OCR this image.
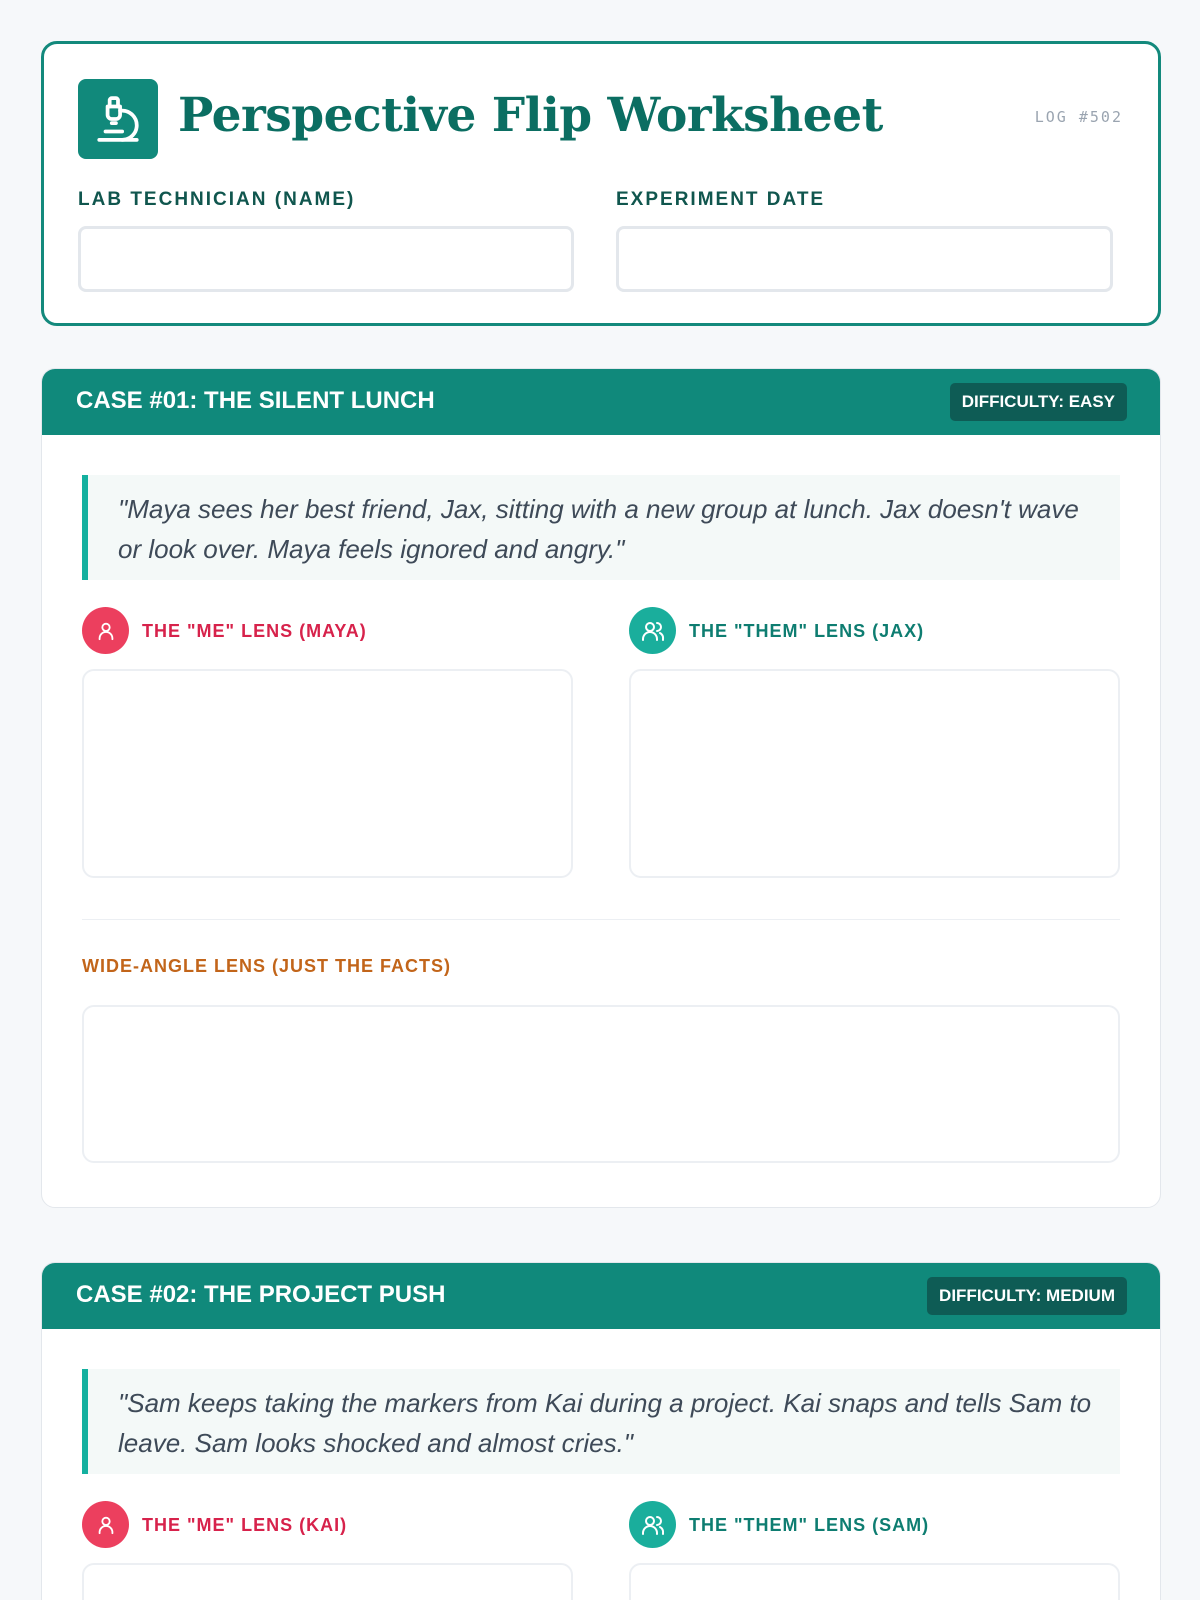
Perspective Flip Worksheet	LOG #502
LAB TECHNICIAN (NAME)	EXPERIMENT DATE
CASE #01: THE SILENT LUNCH	DIFFICULTY: EASY
"Maya sees her best friend, Jax, sitting with a new group at lunch. Jax doesn't wave or look over. Maya feels ignored and angry."
THE "ME" LENS (MAYA)	THE "THEM" LENS (JAX)
WIDE-ANGLE LENS (JUST THE FACTS)
CASE #02: THE PROJECT PUSH	DIFFICULTY: MEDIUM
"Sam keeps taking the markers from Kai during a project. Kai snaps and tells Sam to leave. Sam looks shocked and almost cries."
THE "ME" LENS (KAI)	THE "THEM" LENS (SAM)
